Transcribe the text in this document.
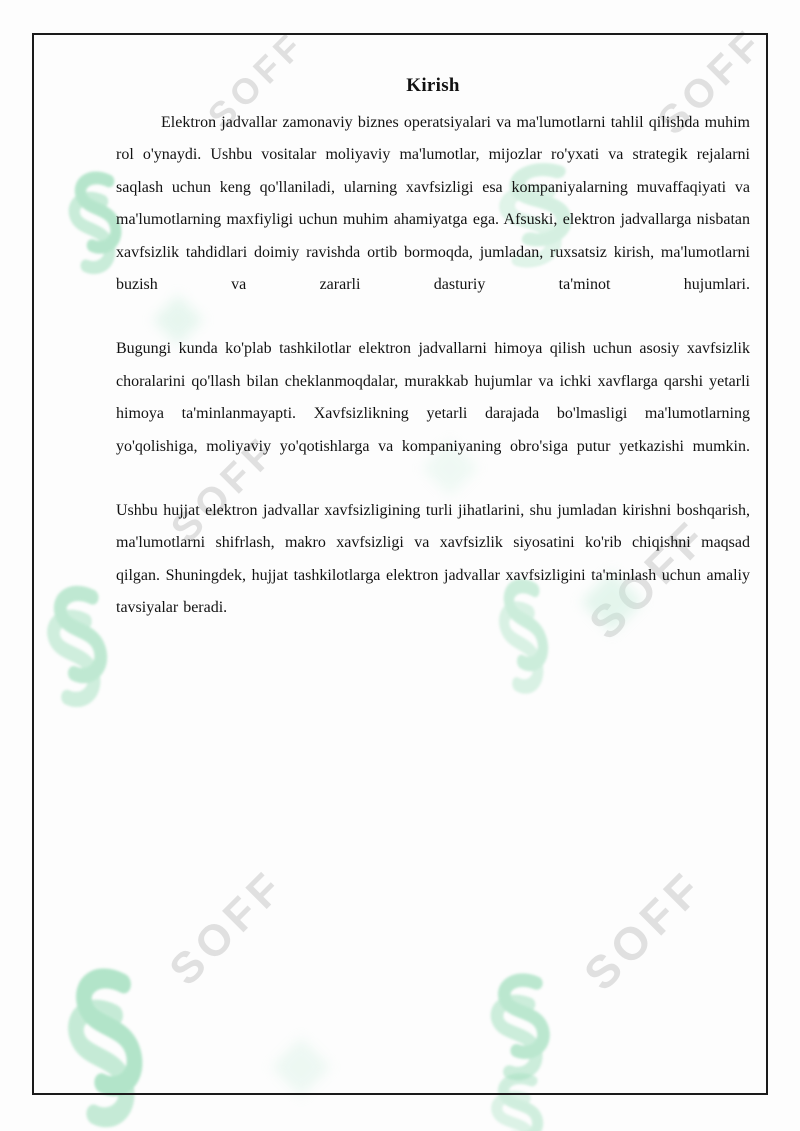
SOFF	SOFF
SOFF
SOFF
SOFF	SOFF
Kirish

Elektron jadvallar zamonaviy biznes operatsiyalari va ma'lumotlarni tahlil qilishda muhim rol o'ynaydi. Ushbu vositalar moliyaviy ma'lumotlar, mijozlar ro'yxati va strategik rejalarni saqlash uchun keng qo'llaniladi, ularning xavfsizligi esa kompaniyalarning muvaffaqiyati va ma'lumotlarning maxfiyligi uchun muhim ahamiyatga ega. Afsuski, elektron jadvallarga nisbatan xavfsizlik tahdidlari doimiy ravishda ortib bormoqda, jumladan, ruxsatsiz kirish, ma'lumotlarni buzish va zararli dasturiy ta'minot hujumlari.

Bugungi kunda ko'plab tashkilotlar elektron jadvallarni himoya qilish uchun asosiy xavfsizlik choralarini qo'llash bilan cheklanmoqdalar, murakkab hujumlar va ichki xavflarga qarshi yetarli himoya ta'minlanmayapti. Xavfsizlikning yetarli darajada bo'lmasligi ma'lumotlarning yo'qolishiga, moliyaviy yo'qotishlarga va kompaniyaning obro'siga putur yetkazishi mumkin.

Ushbu hujjat elektron jadvallar xavfsizligining turli jihatlarini, shu jumladan kirishni boshqarish, ma'lumotlarni shifrlash, makro xavfsizligi va xavfsizlik siyosatini ko'rib chiqishni maqsad qilgan. Shuningdek, hujjat tashkilotlarga elektron jadvallar xavfsizligini ta'minlash uchun amaliy tavsiyalar beradi.
